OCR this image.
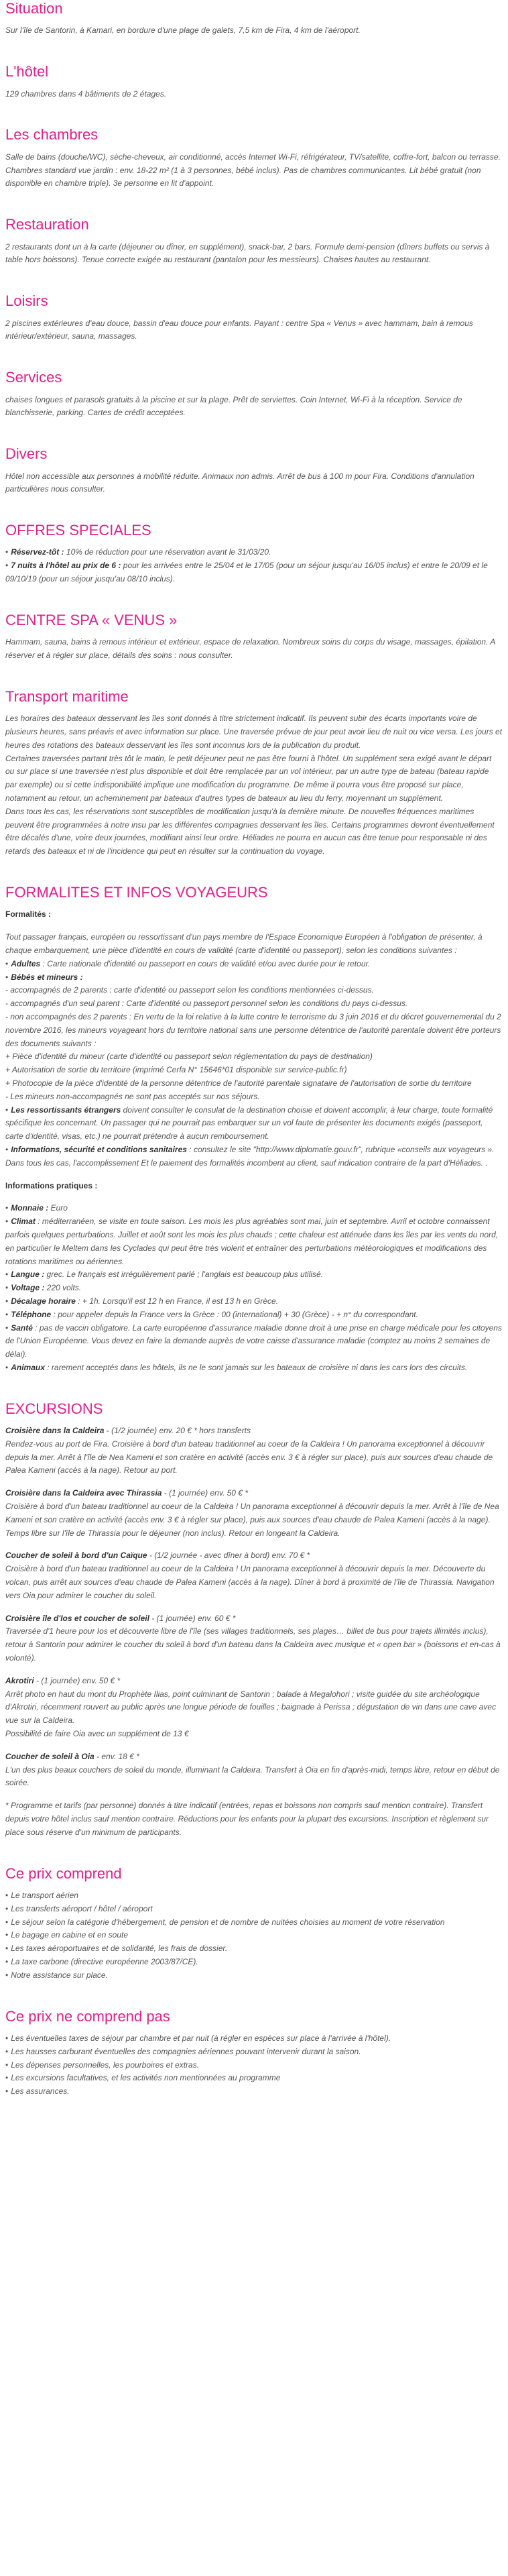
Situation

Sur l'île de Santorin, à Kamari, en bordure d'une plage de galets, 7,5 km de Fira, 4 km de l'aéroport.

L'hôtel

129 chambres dans 4 bâtiments de 2 étages.

Les chambres

Salle de bains (douche/WC), sèche-cheveux, air conditionné, accès Internet Wi-Fi, réfrigérateur, TV/satellite, coffre-fort, balcon ou terrasse. Chambres standard vue jardin : env. 18-22 m² (1 à 3 personnes, bébé inclus). Pas de chambres communicantes. Lit bébé gratuit (non disponible en chambre triple). 3e personne en lit d'appoint.

Restauration

2 restaurants dont un à la carte (déjeuner ou dîner, en supplément), snack-bar, 2 bars. Formule demi-pension (dîners buffets ou servis à table hors boissons). Tenue correcte exigée au restaurant (pantalon pour les messieurs). Chaises hautes au restaurant.

Loisirs

2 piscines extérieures d'eau douce, bassin d'eau douce pour enfants. Payant : centre Spa « Venus » avec hammam, bain à remous intérieur/extérieur, sauna, massages.

Services

chaises longues et parasols gratuits à la piscine et sur la plage. Prêt de serviettes. Coin Internet, Wi-Fi à la réception. Service de blanchisserie, parking. Cartes de crédit acceptées.

Divers

Hôtel non accessible aux personnes à mobilité réduite. Animaux non admis. Arrêt de bus à 100 m pour Fira. Conditions d'annulation particulières nous consulter.

OFFRES SPECIALES

• Réservez-tôt : 10% de réduction pour une réservation avant le 31/03/20.

• 7 nuits à l'hôtel au prix de 6 : pour les arrivées entre le 25/04 et le 17/05 (pour un séjour jusqu'au 16/05 inclus) et entre le 20/09 et le 09/10/19 (pour un séjour jusqu'au 08/10 inclus).

CENTRE SPA « VENUS »

Hammam, sauna, bains à remous intérieur et extérieur, espace de relaxation. Nombreux soins du corps du visage, massages, épilation. A réserver et à régler sur place, détails des soins : nous consulter.

Transport maritime

Les horaires des bateaux desservant les îles sont donnés à titre strictement indicatif. Ils peuvent subir des écarts importants voire de plusieurs heures, sans préavis et avec information sur place. Une traversée prévue de jour peut avoir lieu de nuit ou vice versa. Les jours et heures des rotations des bateaux desservant les îles sont inconnus lors de la publication du produit.

Certaines traversées partant très tôt le matin, le petit déjeuner peut ne pas être fourni à l'hôtel. Un supplément sera exigé avant le départ ou sur place si une traversée n'est plus disponible et doit être remplacée par un vol intérieur, par un autre type de bateau (bateau rapide par exemple) ou si cette indisponibilité implique une modification du programme. De même il pourra vous être proposé sur place, notamment au retour, un acheminement par bateaux d'autres types de bateaux au lieu du ferry, moyennant un supplément.

Dans tous les cas, les réservations sont susceptibles de modification jusqu'à la dernière minute. De nouvelles fréquences maritimes peuvent être programmées à notre insu par les différentes compagnies desservant les îles. Certains programmes devront éventuellement être décalés d'une, voire deux journées, modifiant ainsi leur ordre. Héliades ne pourra en aucun cas être tenue pour responsable ni des retards des bateaux et ni de l'incidence qui peut en résulter sur la continuation du voyage.

FORMALITES ET INFOS VOYAGEURS
Formalités :

Tout passager français, européen ou ressortissant d'un pays membre de l'Espace Economique Européen à l'obligation de présenter, à chaque embarquement, une pièce d'identité en cours de validité (carte d'identité ou passeport), selon les conditions suivantes :

• Adultes : Carte nationale d'identité ou passeport en cours de validité et/ou avec durée pour le retour.

• Bébés et mineurs :

- accompagnés de 2 parents : carte d'identité ou passeport selon les conditions mentionnées ci-dessus.

- accompagnés d'un seul parent : Carte d'identité ou passeport personnel selon les conditions du pays ci-dessus.

- non accompagnés des 2 parents : En vertu de la loi relative à la lutte contre le terrorisme du 3 juin 2016 et du décret gouvernemental du 2 novembre 2016, les mineurs voyageant hors du territoire national sans une personne détentrice de l'autorité parentale doivent être porteurs des documents suivants :

+ Pièce d'identité du mineur (carte d'identité ou passeport selon réglementation du pays de destination)

+ Autorisation de sortie du territoire (imprimé Cerfa N° 15646*01 disponible sur service-public.fr)

+ Photocopie de la pièce d'identité de la personne détentrice de l'autorité parentale signataire de l'autorisation de sortie du territoire

- Les mineurs non-accompagnés ne sont pas acceptés sur nos séjours.

• Les ressortissants étrangers doivent consulter le consulat de la destination choisie et doivent accomplir, à leur charge, toute formalité spécifique les concernant. Un passager qui ne pourrait pas embarquer sur un vol faute de présenter les documents exigés (passeport, carte d'identité, visas, etc.) ne pourrait prétendre à aucun remboursement.

• Informations, sécurité et conditions sanitaires : consultez le site "http://www.diplomatie.gouv.fr", rubrique «conseils aux voyageurs ». Dans tous les cas, l'accomplissement Et le paiement des formalités incombent au client, sauf indication contraire de la part d'Héliades. .

Informations pratiques :

• Monnaie : Euro

• Climat : méditerranéen, se visite en toute saison. Les mois les plus agréables sont mai, juin et septembre. Avril et octobre connaissent parfois quelques perturbations. Juillet et août sont les mois les plus chauds ; cette chaleur est atténuée dans les îles par les vents du nord, en particulier le Meltem dans les Cyclades qui peut être très violent et entraîner des perturbations météorologiques et modifications des rotations maritimes ou aériennes.

• Langue : grec. Le français est irrégulièrement parlé ; l'anglais est beaucoup plus utilisé.

• Voltage : 220 volts.

• Décalage horaire : + 1h. Lorsqu'il est 12 h en France, il est 13 h en Grèce.

• Téléphone : pour appeler depuis la France vers la Grèce : 00 (international) + 30 (Grèce) - + n° du correspondant.

• Santé : pas de vaccin obligatoire. La carte européenne d'assurance maladie donne droit à une prise en charge médicale pour les citoyens de l'Union Européenne. Vous devez en faire la demande auprès de votre caisse d'assurance maladie (comptez au moins 2 semaines de délai).

• Animaux : rarement acceptés dans les hôtels, ils ne le sont jamais sur les bateaux de croisière ni dans les cars lors des circuits.

EXCURSIONS

Croisière dans la Caldeira - (1/2 journée) env. 20 € * hors transferts

Rendez-vous au port de Fira. Croisière à bord d'un bateau traditionnel au coeur de la Caldeira ! Un panorama exceptionnel à découvrir depuis la mer. Arrêt à l'île de Nea Kameni et son cratère en activité (accès env. 3 € à régler sur place), puis aux sources d'eau chaude de Palea Kameni (accès à la nage). Retour au port.

Croisière dans la Caldeira avec Thirassia - (1 journée) env. 50 € *

Croisière à bord d'un bateau traditionnel au coeur de la Caldeira ! Un panorama exceptionnel à découvrir depuis la mer. Arrêt à l'île de Nea Kameni et son cratère en activité (accès env. 3 € à régler sur place), puis aux sources d'eau chaude de Palea Kameni (accès à la nage). Temps libre sur l'île de Thirassia pour le déjeuner (non inclus). Retour en longeant la Caldeira.

Coucher de soleil à bord d'un Caïque - (1/2 journée - avec dîner à bord) env. 70 € *

Croisière à bord d'un bateau traditionnel au coeur de la Caldeira ! Un panorama exceptionnel à découvrir depuis la mer. Découverte du volcan, puis arrêt aux sources d'eau chaude de Palea Kameni (accès à la nage). Dîner à bord à proximité de l'île de Thirassia. Navigation vers Oia pour admirer le coucher du soleil.

Croisière île d'Ios et coucher de soleil - (1 journée) env. 60 € *

Traversée d'1 heure pour Ios et découverte libre de l'île (ses villages traditionnels, ses plages… billet de bus pour trajets illimités inclus), retour à Santorin pour admirer le coucher du soleil à bord d'un bateau dans la Caldeira avec musique et « open bar » (boissons et en-cas à volonté).

Akrotiri - (1 journée) env. 50 € *

Arrêt photo en haut du mont du Prophète Ilias, point culminant de Santorin ; balade à Megalohori ; visite guidée du site archéologique d'Akrotiri, récemment rouvert au public après une longue période de fouilles ; baignade à Perissa ; dégustation de vin dans une cave avec vue sur la Caldeira.
Possibilité de faire Oia avec un supplément de 13 €

Coucher de soleil à Oia - env. 18 € *

L'un des plus beaux couchers de soleil du monde, illuminant la Caldeira. Transfert à Oia en fin d'après-midi, temps libre, retour en début de soirée.

* Programme et tarifs (par personne) donnés à titre indicatif (entrées, repas et boissons non compris sauf mention contraire). Transfert depuis votre hôtel inclus sauf mention contraire. Réductions pour les enfants pour la plupart des excursions. Inscription et règlement sur place sous réserve d'un minimum de participants.

Ce prix comprend

• Le transport aérien

• Les transferts aéroport / hôtel / aéroport

• Le séjour selon la catégorie d'hébergement, de pension et de nombre de nuitées choisies au moment de votre réservation

• Le bagage en cabine et en soute

• Les taxes aéroportuaires et de solidarité, les frais de dossier.

• La taxe carbone (directive européenne 2003/87/CE).

• Notre assistance sur place.

Ce prix ne comprend pas

• Les éventuelles taxes de séjour par chambre et par nuit (à régler en espèces sur place à l'arrivée à l'hôtel).

• Les hausses carburant éventuelles des compagnies aériennes pouvant intervenir durant la saison.

• Les dépenses personnelles, les pourboires et extras.

• Les excursions facultatives, et les activités non mentionnées au programme

• Les assurances.
